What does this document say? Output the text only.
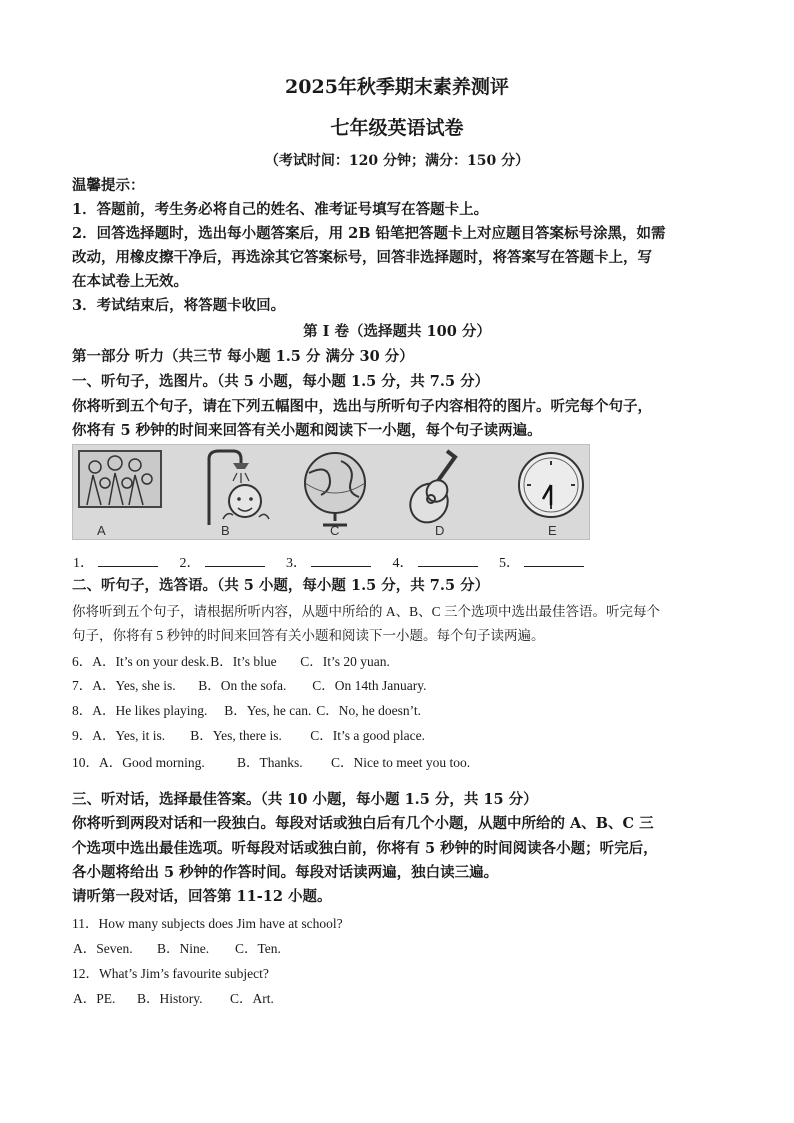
2025年秋季期末素养测评
七年级英语试卷
（考试时间：120 分钟；满分：150 分）
温馨提示：
1．答题前，考生务必将自己的姓名、准考证号填写在答题卡上。
2．回答选择题时，选出每小题答案后，用 2B 铅笔把答题卡上对应题目答案标号涂黑，如需
改动，用橡皮擦干净后，再选涂其它答案标号，回答非选择题时，将答案写在答题卡上，写
在本试卷上无效。
3．考试结束后，将答题卡收回。
第 I 卷（选择题共 100 分）
第一部分 听力（共三节 每小题 1.5 分 满分 30 分）
一、听句子，选图片。（共 5 小题，每小题 1.5 分，共 7.5 分）
你将听到五个句子，请在下列五幅图中，选出与所听句子内容相符的图片。听完每个句子，
你将有 5 秒钟的时间来回答有关小题和阅读下一小题，每个句子读两遍。
A	B	C	D	E
1．	2．	3．	4．	5．
二、听句子，选答语。（共 5 小题，每小题 1.5 分，共 7.5 分）
你将听到五个句子，请根据所听内容，从题中所给的 A、B、C 三个选项中选出最佳答语。听完每个
句子，你将有 5 秒钟的时间来回答有关小题和阅读下一小题。每个句子读两遍。
6．A．It’s on your desk.B．It’s blue C．It’s 20 yuan.
7．A．Yes, she is. B．On the sofa. C．On 14th January.
8．A．He likes playing. B．Yes, he can. C．No, he doesn’t.
9．A．Yes, it is. B．Yes, there is. C．It’s a good place.
10．A．Good morning. B．Thanks. C．Nice to meet you too.
三、听对话，选择最佳答案。（共 10 小题，每小题 1.5 分，共 15 分）
你将听到两段对话和一段独白。每段对话或独白后有几个小题，从题中所给的 A、B、C 三
个选项中选出最佳选项。听每段对话或独白前，你将有 5 秒钟的时间阅读各小题；听完后，
各小题将给出 5 秒钟的作答时间。每段对话读两遍，独白读三遍。
请听第一段对话，回答第 11-12 小题。
11．How many subjects does Jim have at school?
A．Seven. B．Nine. C．Ten.
12．What’s Jim’s favourite subject?
A．PE. B．History. C．Art.
